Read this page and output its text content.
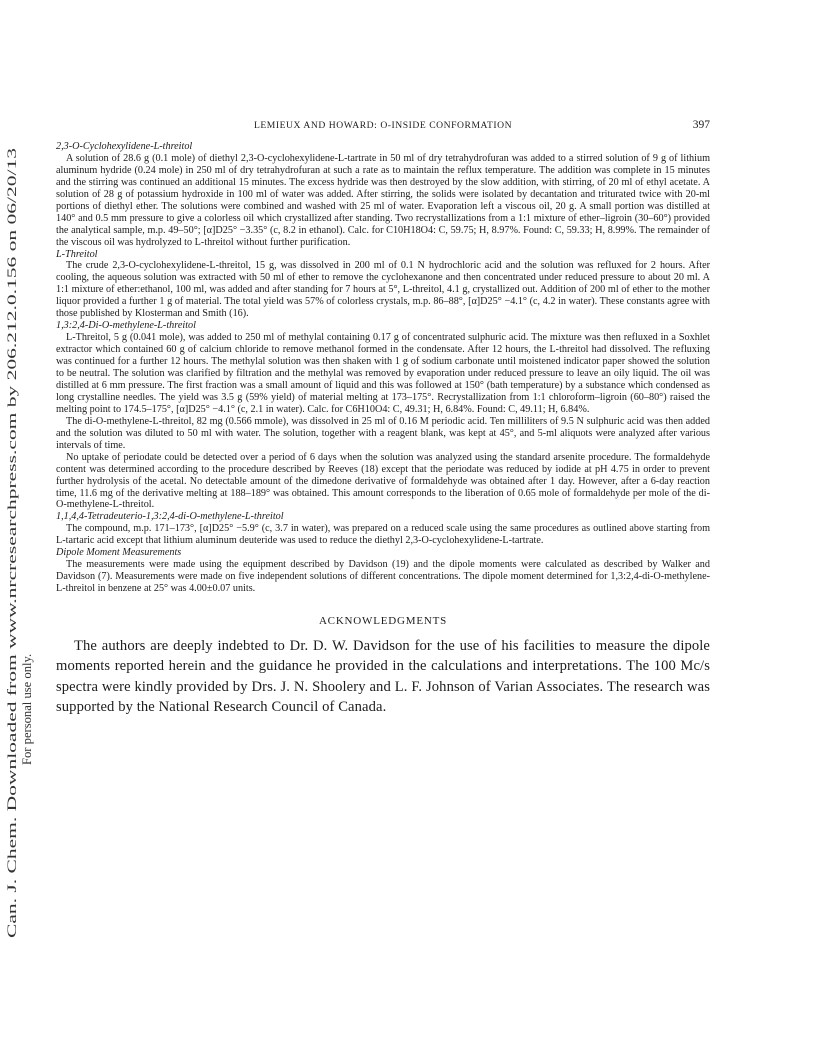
Can. J. Chem. Downloaded from www.nrcresearchpress.com by 206.212.0.156 on 06/20/13 For personal use only.
LEMIEUX AND HOWARD: O-INSIDE CONFORMATION	397
2,3-O-Cyclohexylidene-L-threitol

A solution of 28.6 g (0.1 mole) of diethyl 2,3-O-cyclohexylidene-L-tartrate in 50 ml of dry tetrahydrofuran was added to a stirred solution of 9 g of lithium aluminum hydride (0.24 mole) in 250 ml of dry tetrahydrofuran at such a rate as to maintain the reflux temperature. The addition was complete in 15 minutes and the stirring was continued an additional 15 minutes. The excess hydride was then destroyed by the slow addition, with stirring, of 20 ml of ethyl acetate. A solution of 28 g of potassium hydroxide in 100 ml of water was added. After stirring, the solids were isolated by decantation and triturated twice with 20-ml portions of diethyl ether. The solutions were combined and washed with 25 ml of water. Evaporation left a viscous oil, 20 g. A small portion was distilled at 140° and 0.5 mm pressure to give a colorless oil which crystallized after standing. Two recrystallizations from a 1:1 mixture of ether–ligroin (30–60°) provided the analytical sample, m.p. 49–50°; [α]D25° −3.35° (c, 8.2 in ethanol). Calc. for C10H18O4: C, 59.75; H, 8.97%. Found: C, 59.33; H, 8.99%. The remainder of the viscous oil was hydrolyzed to L-threitol without further purification.

L-Threitol

The crude 2,3-O-cyclohexylidene-L-threitol, 15 g, was dissolved in 200 ml of 0.1 N hydrochloric acid and the solution was refluxed for 2 hours. After cooling, the aqueous solution was extracted with 50 ml of ether to remove the cyclohexanone and then concentrated under reduced pressure to about 20 ml. A 1:1 mixture of ether:ethanol, 100 ml, was added and after standing for 7 hours at 5°, L-threitol, 4.1 g, crystallized out. Addition of 200 ml of ether to the mother liquor provided a further 1 g of material. The total yield was 57% of colorless crystals, m.p. 86–88°, [α]D25° −4.1° (c, 4.2 in water). These constants agree with those published by Klosterman and Smith (16).

1,3:2,4-Di-O-methylene-L-threitol

L-Threitol, 5 g (0.041 mole), was added to 250 ml of methylal containing 0.17 g of concentrated sulphuric acid. The mixture was then refluxed in a Soxhlet extractor which contained 60 g of calcium chloride to remove methanol formed in the condensate. After 12 hours, the L-threitol had dissolved. The refluxing was continued for a further 12 hours. The methylal solution was then shaken with 1 g of sodium carbonate until moistened indicator paper showed the solution to be neutral. The solution was clarified by filtration and the methylal was removed by evaporation under reduced pressure to leave an oily liquid. The oil was distilled at 6 mm pressure. The first fraction was a small amount of liquid and this was followed at 150° (bath temperature) by a substance which condensed as long crystalline needles. The yield was 3.5 g (59% yield) of material melting at 173–175°. Recrystallization from 1:1 chloroform–ligroin (60–80°) raised the melting point to 174.5–175°, [α]D25° −4.1° (c, 2.1 in water). Calc. for C6H10O4: C, 49.31; H, 6.84%. Found: C, 49.11; H, 6.84%.

The di-O-methylene-L-threitol, 82 mg (0.566 mmole), was dissolved in 25 ml of 0.16 M periodic acid. Ten milliliters of 9.5 N sulphuric acid was then added and the solution was diluted to 50 ml with water. The solution, together with a reagent blank, was kept at 45°, and 5-ml aliquots were analyzed after various intervals of time.

No uptake of periodate could be detected over a period of 6 days when the solution was analyzed using the standard arsenite procedure. The formaldehyde content was determined according to the procedure described by Reeves (18) except that the periodate was reduced by iodide at pH 4.75 in order to prevent further hydrolysis of the acetal. No detectable amount of the dimedone derivative of formaldehyde was obtained after 1 day. However, after a 6-day reaction time, 11.6 mg of the derivative melting at 188–189° was obtained. This amount corresponds to the liberation of 0.65 mole of formaldehyde per mole of the di-O-methylene-L-threitol.

1,1,4,4-Tetradeuterio-1,3:2,4-di-O-methylene-L-threitol

The compound, m.p. 171–173°, [α]D25° −5.9° (c, 3.7 in water), was prepared on a reduced scale using the same procedures as outlined above starting from L-tartaric acid except that lithium aluminum deuteride was used to reduce the diethyl 2,3-O-cyclohexylidene-L-tartrate.

Dipole Moment Measurements

The measurements were made using the equipment described by Davidson (19) and the dipole moments were calculated as described by Walker and Davidson (7). Measurements were made on five independent solutions of different concentrations. The dipole moment determined for 1,3:2,4-di-O-methylene-L-threitol in benzene at 25° was 4.00±0.07 units.

ACKNOWLEDGMENTS

The authors are deeply indebted to Dr. D. W. Davidson for the use of his facilities to measure the dipole moments reported herein and the guidance he provided in the calculations and interpretations. The 100 Mc/s spectra were kindly provided by Drs. J. N. Shoolery and L. F. Johnson of Varian Associates. The research was supported by the National Research Council of Canada.
